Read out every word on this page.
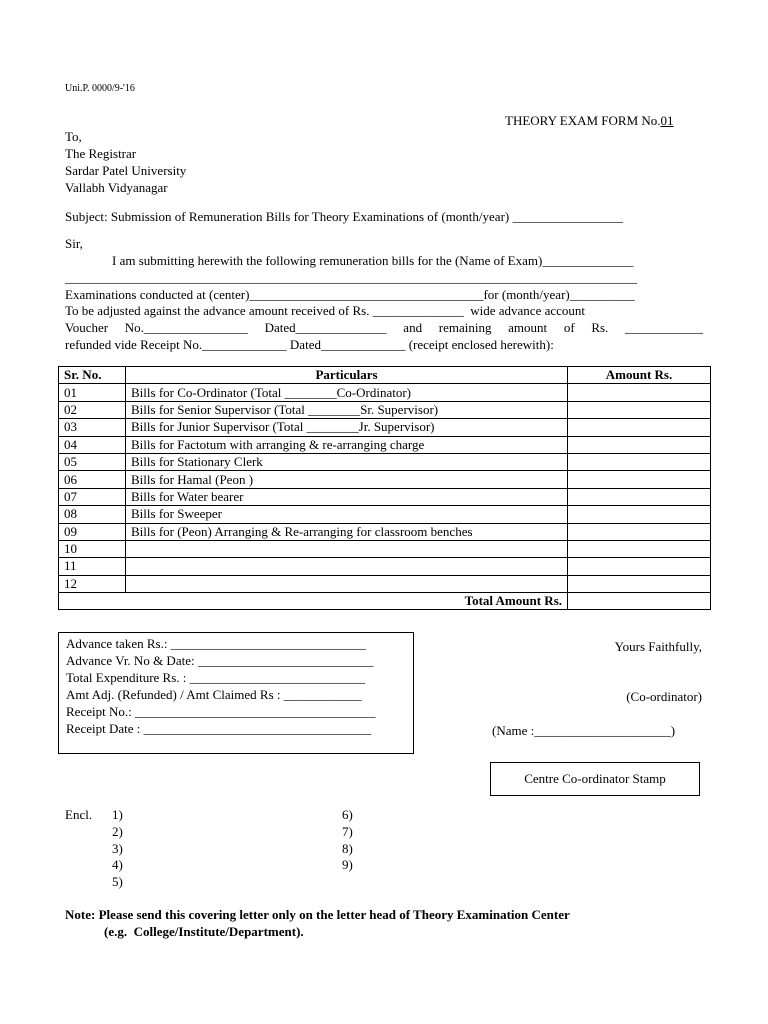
Uni.P. 0000/9-'16
THEORY EXAM FORM No.01
To,
The Registrar
Sardar Patel University
Vallabh Vidyanagar
Subject: Submission of Remuneration Bills for Theory Examinations of (month/year) _________________
Sir,
I am submitting herewith the following remuneration bills for the (Name of Exam)______________
________________________________________________________________________________________
Examinations conducted at (center)____________________________________for (month/year)__________
To be adjusted against the advance amount received of Rs. ______________  wide advance account
Voucher No.________________ Dated______________ and remaining amount of Rs. ____________
refunded vide Receipt No._____________ Dated_____________ (receipt enclosed herewith):
Sr. No.	Particulars	Amount Rs.
01	Bills for Co-Ordinator (Total ________Co-Ordinator)	
02	Bills for Senior Supervisor (Total ________Sr. Supervisor)	
03	Bills for Junior Supervisor (Total ________Jr. Supervisor)	
04	Bills for Factotum with arranging & re-arranging charge	
05	Bills for Stationary Clerk	
06	Bills for Hamal (Peon )	
07	Bills for Water bearer	
08	Bills for Sweeper	
09	Bills for (Peon) Arranging & Re-arranging for classroom benches	
10		
11		
12		
Total Amount Rs.		
Advance taken Rs.: ______________________________
Advance Vr. No & Date: ___________________________
Total Expenditure Rs. : ___________________________
Amt Adj. (Refunded) / Amt Claimed Rs : ____________
Receipt No.: _____________________________________
Receipt Date : ___________________________________
Yours Faithfully,
(Co-ordinator)
(Name :_____________________)
Centre Co-ordinator Stamp
Encl. 1)
2)
3)
4)
5)
6)
7)
8)
9)
Note: Please send this covering letter only on the letter head of Theory Examination Center
(e.g.  College/Institute/Department).
